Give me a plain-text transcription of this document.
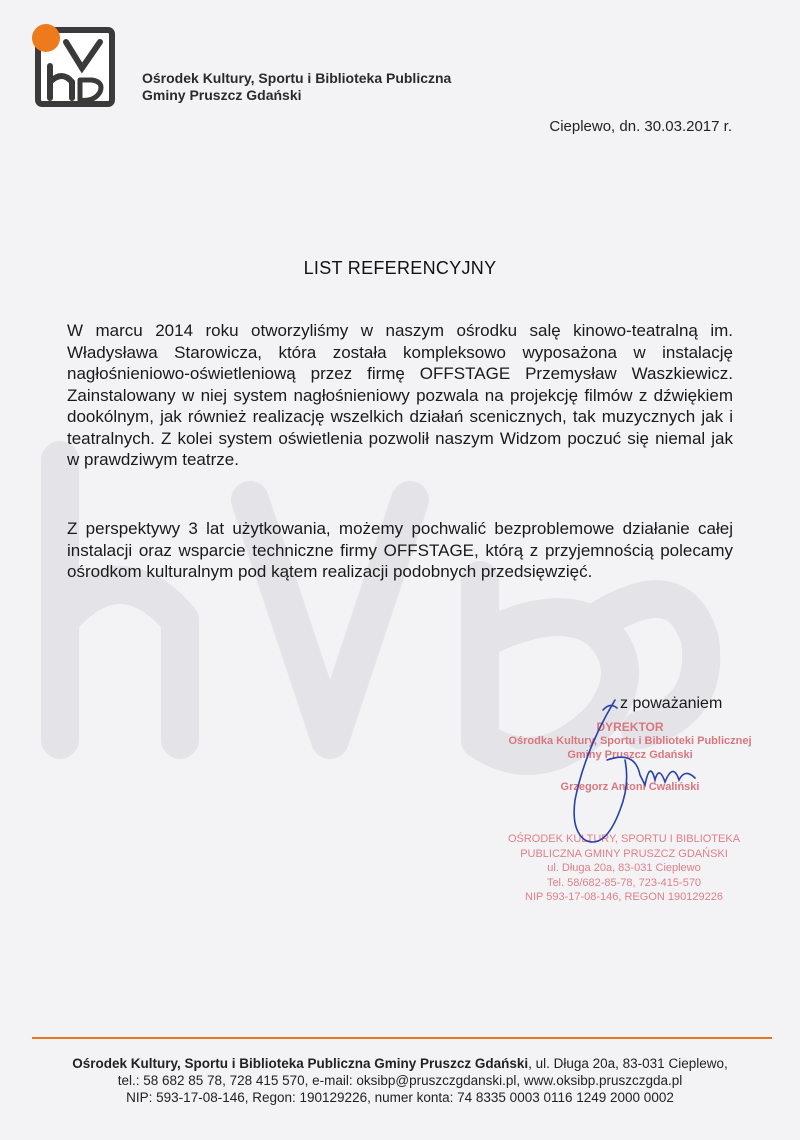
Ośrodek Kultury, Sportu i Biblioteka Publiczna
Gminy Pruszcz Gdański
Cieplewo, dn. 30.03.2017 r.
LIST REFERENCYJNY
W marcu 2014 roku otworzyliśmy w naszym ośrodku salę kinowo-teatralną im. Władysława Starowicza, która została kompleksowo wyposażona w instalację nagłośnieniowo-oświetleniową przez firmę OFFSTAGE Przemysław Waszkiewicz. Zainstalowany w niej system nagłośnieniowy pozwala na projekcję filmów z dźwiękiem dookólnym, jak również realizację wszelkich działań scenicznych, tak muzycznych jak i teatralnych. Z kolei system oświetlenia pozwolił naszym Widzom poczuć się niemal jak w prawdziwym teatrze.
Z perspektywy 3 lat użytkowania, możemy pochwalić bezproblemowe działanie całej instalacji oraz wsparcie techniczne firmy OFFSTAGE, którą z przyjemnością polecamy ośrodkom kulturalnym pod kątem realizacji podobnych przedsięwzięć.
z poważaniem
DYREKTOR
Ośrodka Kultury, Sportu i Biblioteki Publicznej
Gminy Pruszcz Gdański
Grzegorz Antoni Cwaliński
OŚRODEK KULTURY, SPORTU I BIBLIOTEKA
PUBLICZNA GMINY PRUSZCZ GDAŃSKI
ul. Długa 20a, 83-031 Cieplewo
Tel. 58/682-85-78, 723-415-570
NIP 593-17-08-146, REGON 190129226
Ośrodek Kultury, Sportu i Biblioteka Publiczna Gminy Pruszcz Gdański, ul. Długa 20a, 83-031 Cieplewo,
tel.: 58 682 85 78, 728 415 570, e-mail: oksibp@pruszczgdanski.pl, www.oksibp.pruszczgda.pl
NIP: 593-17-08-146, Regon: 190129226, numer konta: 74 8335 0003 0116 1249 2000 0002
